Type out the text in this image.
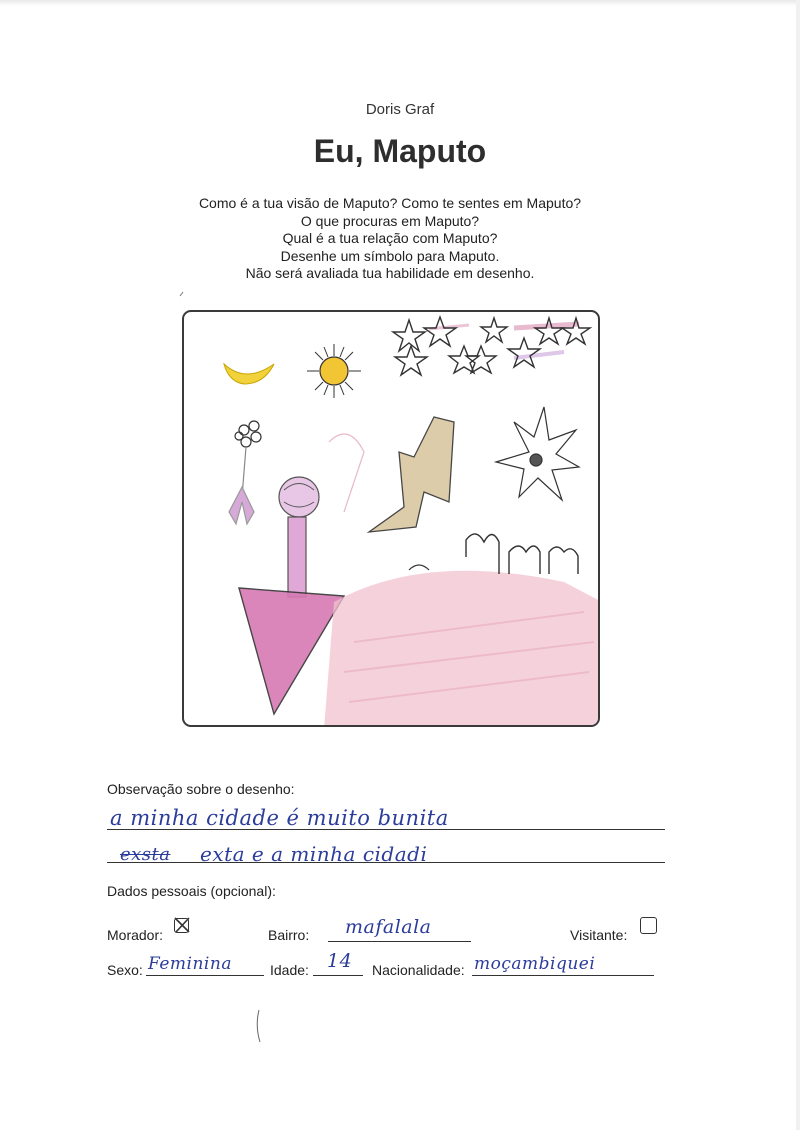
Doris Graf
Eu, Maputo
Como é a tua visão de Maputo? Como te sentes em Maputo?
O que procuras em Maputo?
Qual é a tua relação com Maputo?
Desenhe um símbolo para Maputo.
Não será avaliada tua habilidade em desenho.
Observação sobre o desenho:
a minha cidade é muito bunita
exsta exta e a minha cidadi
Dados pessoais (opcional):
Morador:	Bairro: mafalala	Visitante:
Sexo: Feminina	Idade: 14 Nacionalidade: moçambiquei
